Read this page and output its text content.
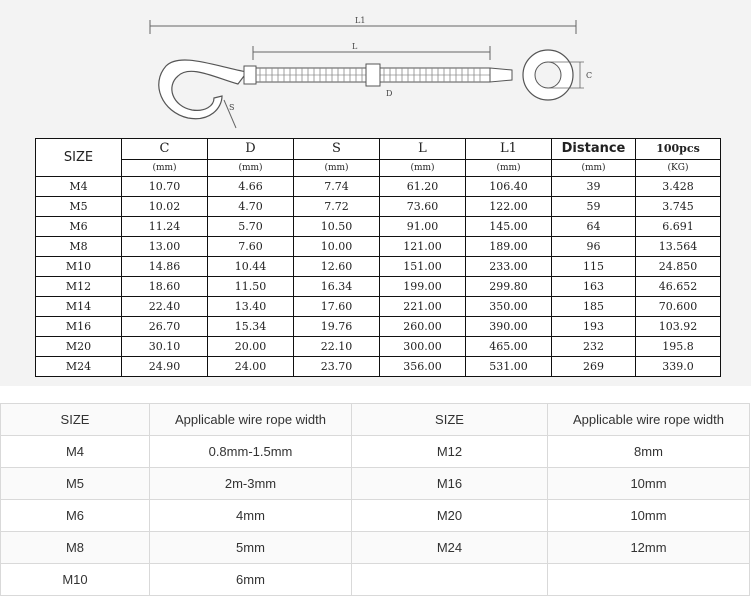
L1
L
S
D
C
SIZE	C	D	S	L	L1	Distance	100pcs
	(mm)	(mm)	(mm)	(mm)	(mm)	(mm)	(KG)
M4	10.70	4.66	7.74	61.20	106.40	39	3.428
M5	10.02	4.70	7.72	73.60	122.00	59	3.745
M6	11.24	5.70	10.50	91.00	145.00	64	6.691
M8	13.00	7.60	10.00	121.00	189.00	96	13.564
M10	14.86	10.44	12.60	151.00	233.00	115	24.850
M12	18.60	11.50	16.34	199.00	299.80	163	46.652
M14	22.40	13.40	17.60	221.00	350.00	185	70.600
M16	26.70	15.34	19.76	260.00	390.00	193	103.92
M20	30.10	20.00	22.10	300.00	465.00	232	195.8
M24	24.90	24.00	23.70	356.00	531.00	269	339.0
SIZE	Applicable wire rope width	SIZE	Applicable wire rope width
M4	0.8mm-1.5mm	M12	8mm
M5	2m-3mm	M16	10mm
M6	4mm	M20	10mm
M8	5mm	M24	12mm
M10	6mm		
